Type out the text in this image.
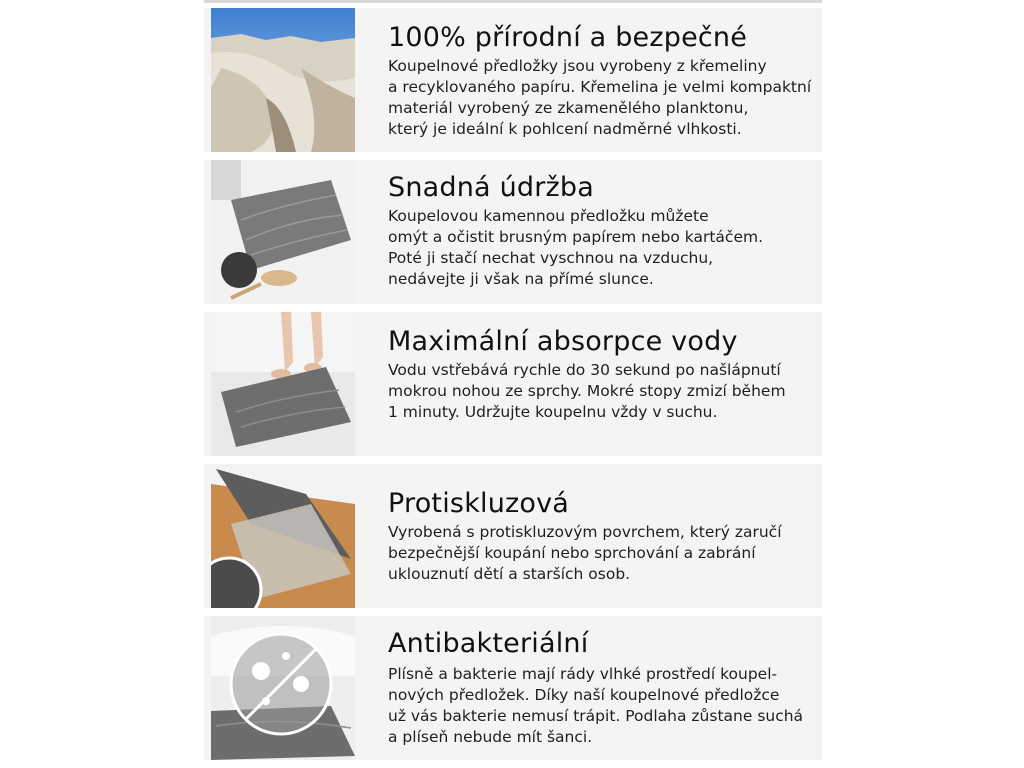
100% přírodní a bezpečné
Koupelnové předložky jsou vyrobeny z křemeliny
a recyklovaného papíru. Křemelina je velmi kompaktní
materiál vyrobený ze zkamenělého planktonu,
který je ideální k pohlcení nadměrné vlhkosti.
Snadná údržba
Koupelovou kamennou předložku můžete
omýt a očistit brusným papírem nebo kartáčem.
Poté ji stačí nechat vyschnou na vzduchu,
nedávejte ji však na přímé slunce.
Maximální absorpce vody
Vodu vstřebává rychle do 30 sekund po našlápnutí
mokrou nohou ze sprchy. Mokré stopy zmizí během
1 minuty. Udržujte koupelnu vždy v suchu.
Protiskluzová
Vyrobená s protiskluzovým povrchem, který zaručí
bezpečnější koupání nebo sprchování a zabrání
uklouznutí dětí a starších osob.
Antibakteriální
Plísně a bakterie mají rády vlhké prostředí koupel-
nových předložek. Díky naší koupelnové předložce
už vás bakterie nemusí trápit. Podlaha zůstane suchá
a plíseň nebude mít šanci.
